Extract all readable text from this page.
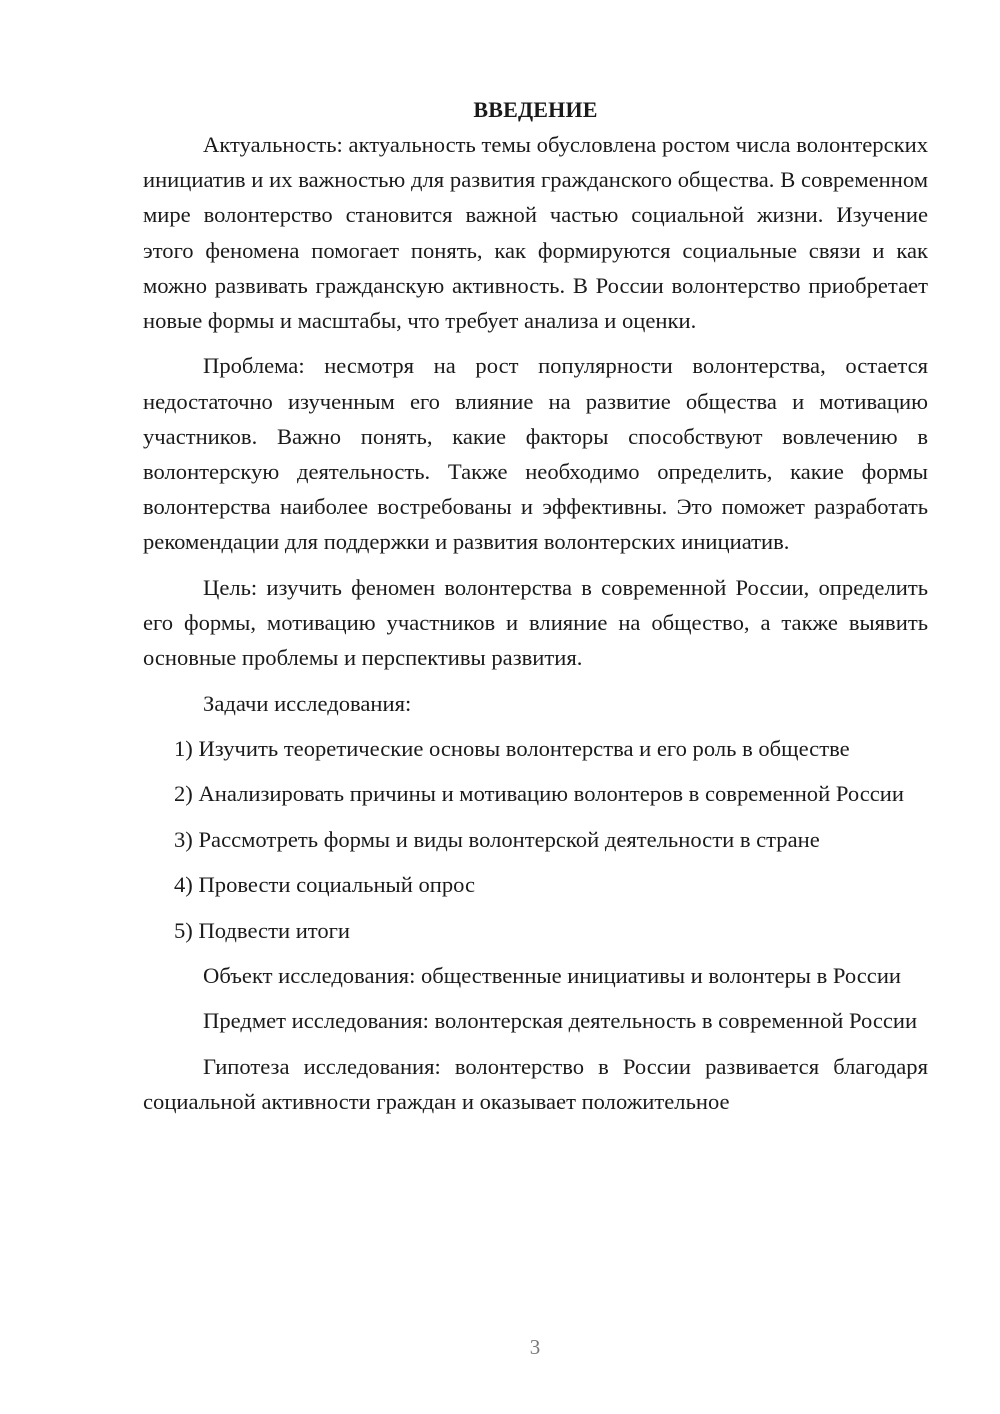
ВВЕДЕНИЕ

Актуальность: актуальность темы обусловлена ростом числа волонтерских инициатив и их важностью для развития гражданского общества. В современном мире волонтерство становится важной частью социальной жизни. Изучение этого феномена помогает понять, как формируются социальные связи и как можно развивать гражданскую активность. В России волонтерство приобретает новые формы и масштабы, что требует анализа и оценки.

Проблема: несмотря на рост популярности волонтерства, остается недостаточно изученным его влияние на развитие общества и мотивацию участников. Важно понять, какие факторы способствуют вовлечению в волонтерскую деятельность. Также необходимо определить, какие формы волонтерства наиболее востребованы и эффективны. Это поможет разработать рекомендации для поддержки и развития волонтерских инициатив.

Цель: изучить феномен волонтерства в современной России, определить его формы, мотивацию участников и влияние на общество, а также выявить основные проблемы и перспективы развития.

Задачи исследования:

1) Изучить теоретические основы волонтерства и его роль в обществе

2) Анализировать причины и мотивацию волонтеров в современной России

3) Рассмотреть формы и виды волонтерской деятельности в стране

4) Провести социальный опрос

5) Подвести итоги

Объект исследования: общественные инициативы и волонтеры в России

Предмет исследования: волонтерская деятельность в современной России

Гипотеза исследования: волонтерство в России развивается благодаря социальной активности граждан и оказывает положительное

3
